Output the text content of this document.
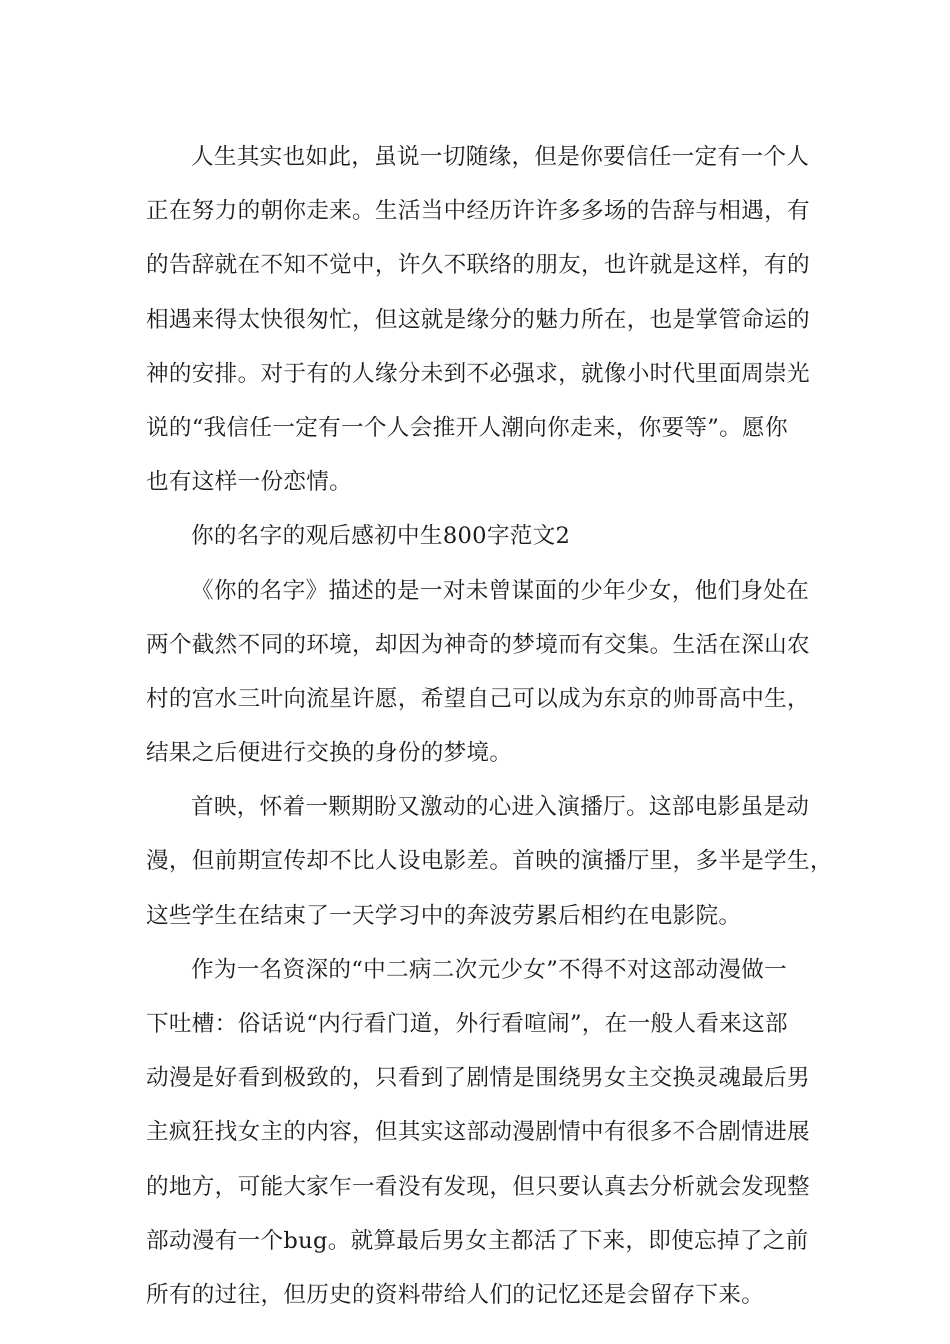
人生其实也如此，虽说一切随缘，但是你要信任一定有一个人
正在努力的朝你走来。生活当中经历许许多多场的告辞与相遇，有
的告辞就在不知不觉中，许久不联络的朋友，也许就是这样，有的
相遇来得太快很匆忙，但这就是缘分的魅力所在，也是掌管命运的
神的安排。对于有的人缘分未到不必强求，就像小时代里面周崇光
说的“我信任一定有一个人会推开人潮向你走来，你要等”。愿你
也有这样一份恋情。
你的名字的观后感初中生800字范文2
《你的名字》描述的是一对未曾谋面的少年少女，他们身处在
两个截然不同的环境，却因为神奇的梦境而有交集。生活在深山农
村的宫水三叶向流星许愿，希望自己可以成为东京的帅哥高中生，
结果之后便进行交换的身份的梦境。
首映，怀着一颗期盼又激动的心进入演播厅。这部电影虽是动
漫，但前期宣传却不比人设电影差。首映的演播厅里，多半是学生，
这些学生在结束了一天学习中的奔波劳累后相约在电影院。
作为一名资深的“中二病二次元少女”不得不对这部动漫做一
下吐槽：俗话说“内行看门道，外行看喧闹”，在一般人看来这部
动漫是好看到极致的，只看到了剧情是围绕男女主交换灵魂最后男
主疯狂找女主的内容，但其实这部动漫剧情中有很多不合剧情进展
的地方，可能大家乍一看没有发现，但只要认真去分析就会发现整
部动漫有一个bug。就算最后男女主都活了下来，即使忘掉了之前
所有的过往，但历史的资料带给人们的记忆还是会留存下来。
